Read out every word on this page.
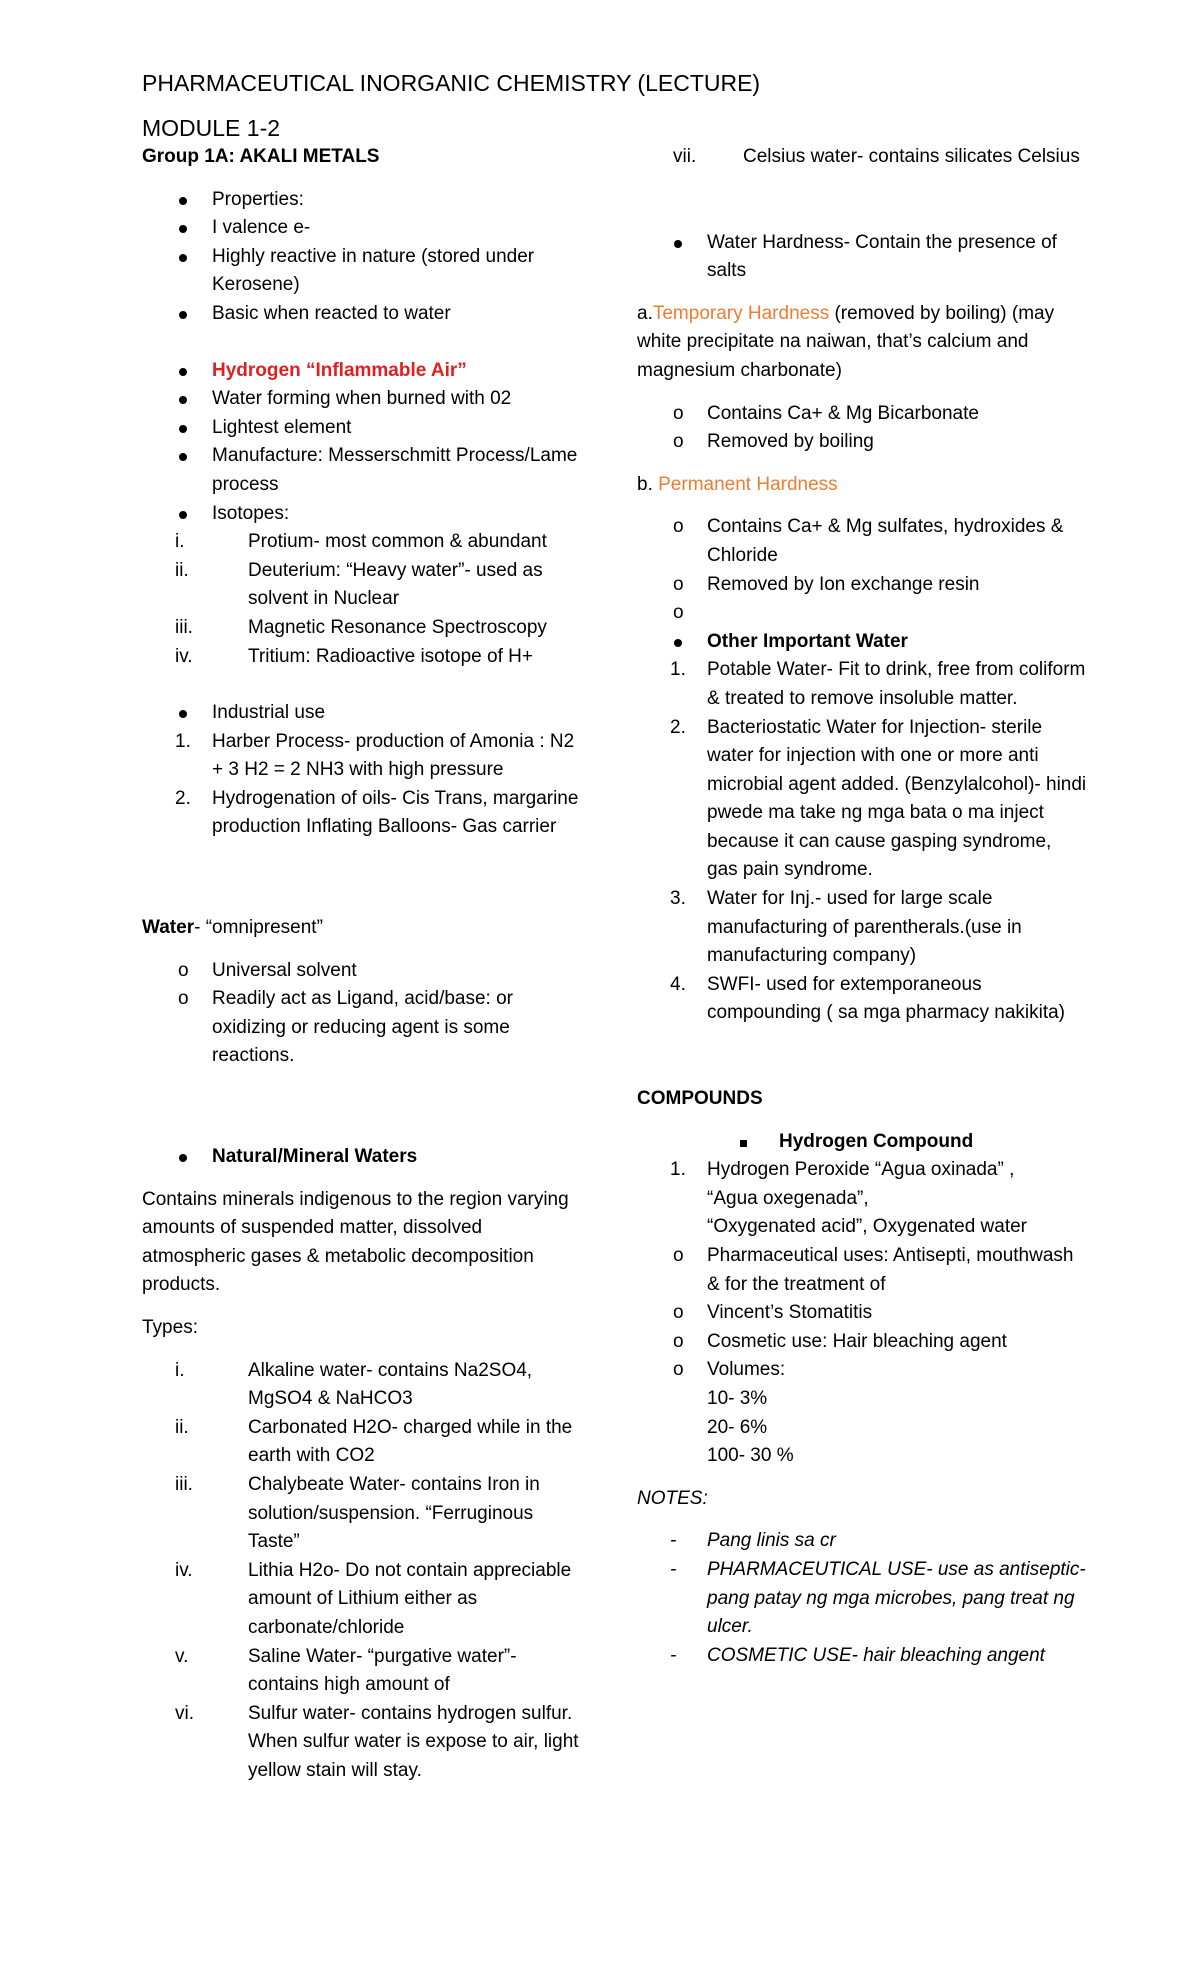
PHARMACEUTICAL INORGANIC CHEMISTRY (LECTURE)
MODULE 1-2
Group 1A: AKALI METALS
Properties:
I valence e-
Highly reactive in nature (stored under Kerosene)
Basic when reacted to water
Hydrogen “Inflammable Air”
Water forming when burned with 02
Lightest element
Manufacture: Messerschmitt Process/Lame process
Isotopes:
i.	Protium- most common & abundant
ii.	Deuterium: “Heavy water”- used as solvent in Nuclear
iii.	Magnetic Resonance Spectroscopy
iv.	Tritium: Radioactive isotope of H+
Industrial use
1.	Harber Process- production of Amonia : N2 + 3 H2 = 2 NH3 with high pressure
2.	Hydrogenation of oils- Cis Trans, margarine production Inflating Balloons- Gas carrier
Water- “omnipresent”
o	Universal solvent
o	Readily act as Ligand, acid/base: or oxidizing or reducing agent is some reactions.
Natural/Mineral Waters

Contains minerals indigenous to the region varying amounts of suspended matter, dissolved atmospheric gases & metabolic decomposition products.

Types:
i.	Alkaline water- contains Na2SO4, MgSO4 & NaHCO3
ii.	Carbonated H2O- charged while in the earth with CO2
iii.	Chalybeate Water- contains Iron in solution/suspension. “Ferruginous Taste”
iv.	Lithia H2o- Do not contain appreciable amount of Lithium either as carbonate/chloride
v.	Saline Water- “purgative water”- contains high amount of
vi.	Sulfur water- contains hydrogen sulfur. When sulfur water is expose to air, light yellow stain will stay.
vii.	Celsius water- contains silicates Celsius
Water Hardness- Contain the presence of salts

a.Temporary Hardness (removed by boiling) (may white precipitate na naiwan, that’s calcium and magnesium charbonate)

o	Contains Ca+ & Mg Bicarbonate
o	Removed by boiling

b. Permanent Hardness

o	Contains Ca+ & Mg sulfates, hydroxides & Chloride
o	Removed by Ion exchange resin
o
Other Important Water
1.	Potable Water- Fit to drink, free from coliform & treated to remove insoluble matter.
2.	Bacteriostatic Water for Injection- sterile water for injection with one or more anti microbial agent added. (Benzylalcohol)- hindi pwede ma take ng mga bata o ma inject because it can cause gasping syndrome, gas pain syndrome.
3.	Water for Inj.- used for large scale manufacturing of parentherals.(use in manufacturing company)
4.	SWFI- used for extemporaneous compounding ( sa mga pharmacy nakikita)
COMPOUNDS
Hydrogen Compound
1.	Hydrogen Peroxide “Agua oxinada” ,
“Agua oxegenada”,
“Oxygenated acid”, Oxygenated water
o	Pharmaceutical uses: Antisepti, mouthwash & for the treatment of
o	Vincent’s Stomatitis
o	Cosmetic use: Hair bleaching agent
o	Volumes:
10- 3%
20- 6%
100- 30 %
NOTES:
-	Pang linis sa cr
-	PHARMACEUTICAL USE- use as antiseptic- pang patay ng mga microbes, pang treat ng ulcer.
-	COSMETIC USE- hair bleaching angent
